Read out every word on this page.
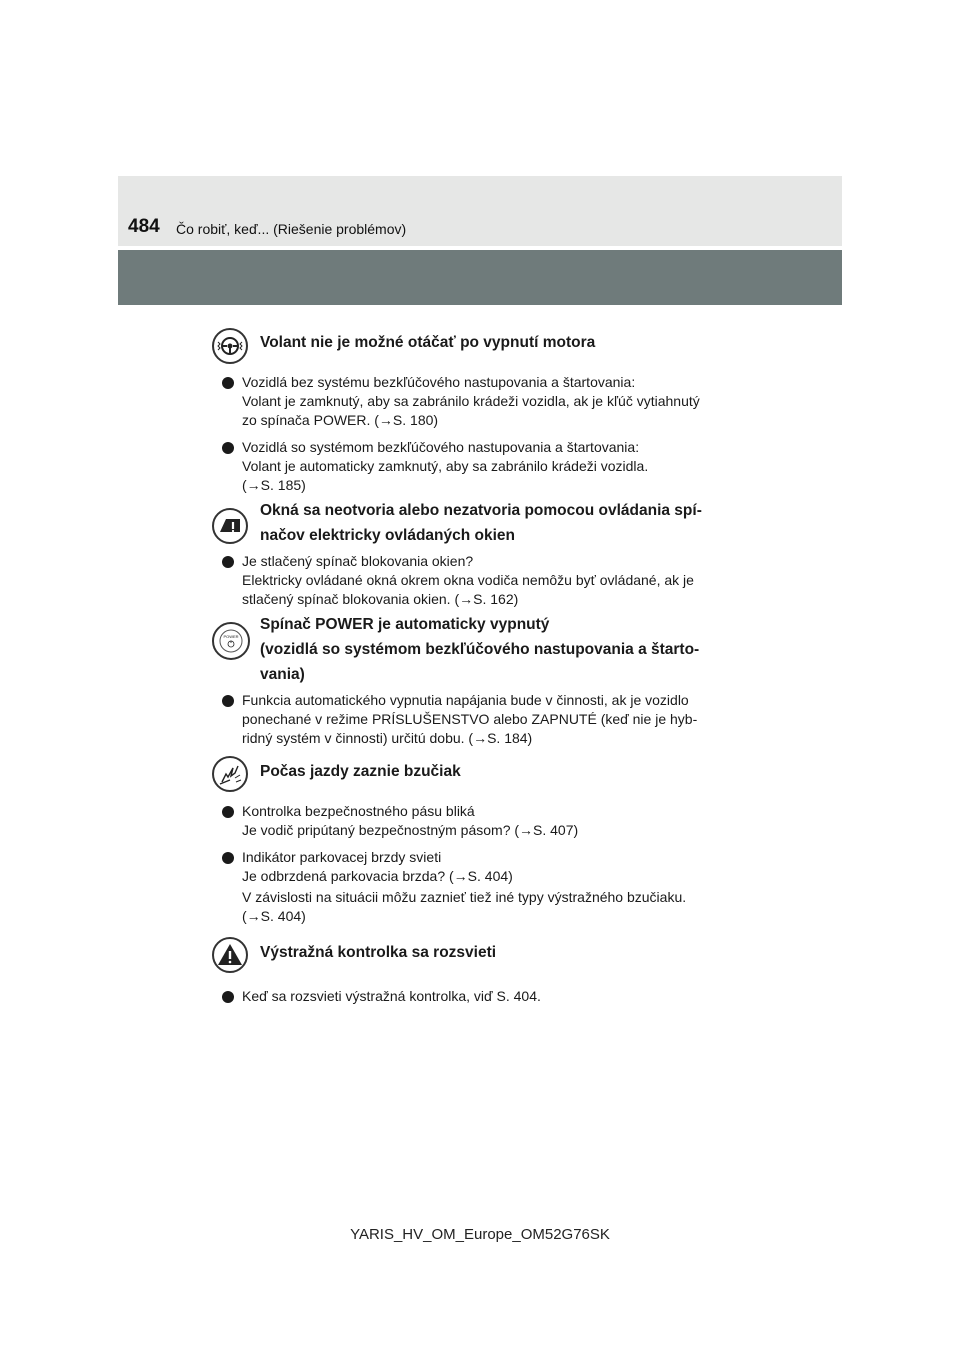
484 Čo robiť, keď... (Riešenie problémov)
Volant nie je možné otáčať po vypnutí motora
Vozidlá bez systému bezkľúčového nastupovania a štartovania:
Volant je zamknutý, aby sa zabránilo krádeži vozidla, ak je kľúč vytiahnutý
zo spínača POWER. (→S. 180)
Vozidlá so systémom bezkľúčového nastupovania a štartovania:
Volant je automaticky zamknutý, aby sa zabránilo krádeži vozidla.
(→S. 185)
Okná sa neotvoria alebo nezatvoria pomocou ovládania spí-
načov elektricky ovládaných okien
Je stlačený spínač blokovania okien?
Elektricky ovládané okná okrem okna vodiča nemôžu byť ovládané, ak je
stlačený spínač blokovania okien. (→S. 162)
POWER
Spínač POWER je automaticky vypnutý
(vozidlá so systémom bezkľúčového nastupovania a štarto-
vania)
Funkcia automatického vypnutia napájania bude v činnosti, ak je vozidlo
ponechané v režime PRÍSLUŠENSTVO alebo ZAPNUTÉ (keď nie je hyb-
ridný systém v činnosti) určitú dobu. (→S. 184)
Počas jazdy zaznie bzučiak
Kontrolka bezpečnostného pásu bliká
Je vodič pripútaný bezpečnostným pásom? (→S. 407)
Indikátor parkovacej brzdy svieti
Je odbrzdená parkovacia brzda? (→S. 404)
V závislosti na situácii môžu zaznieť tiež iné typy výstražného bzučiaku.
(→S. 404)
Výstražná kontrolka sa rozsvieti
Keď sa rozsvieti výstražná kontrolka, viď S. 404.
YARIS_HV_OM_Europe_OM52G76SK
